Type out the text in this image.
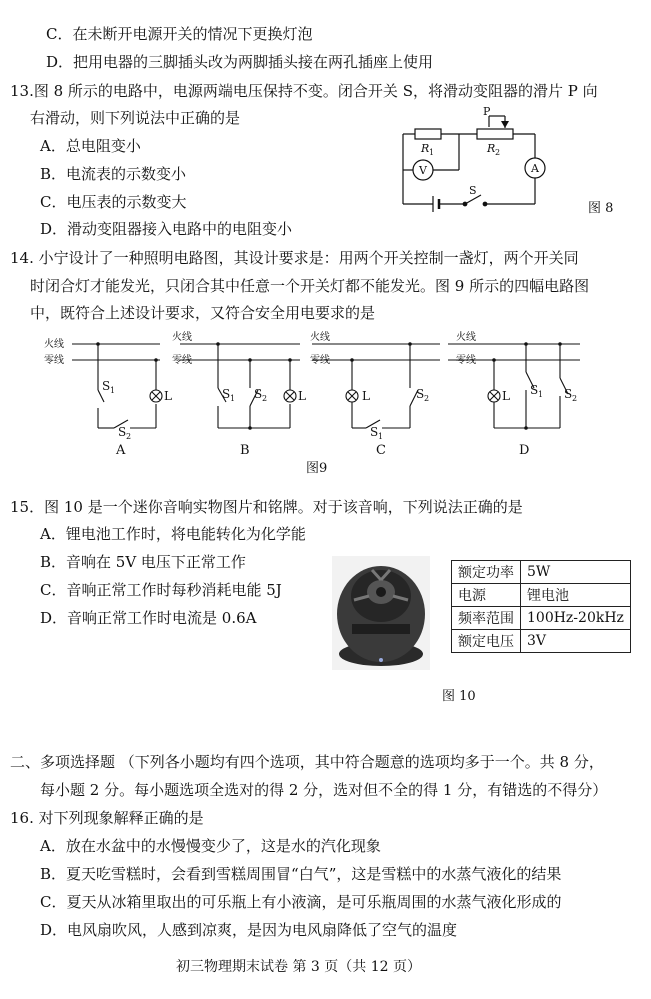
C．在未断开电源开关的情况下更换灯泡
D．把用电器的三脚插头改为两脚插头接在两孔插座上使用
13.图 8 所示的电路中，电源两端电压保持不变。闭合开关 S，将滑动变阻器的滑片 P 向
右滑动，则下列说法中正确的是
A．总电阻变小
B．电流表的示数变小
C．电压表的示数变大
D．滑动变阻器接入电路中的电阻变小
P
R 1	R 2
V	A
S
图 8
14. 小宁设计了一种照明电路图，其设计要求是：用两个开关控制一盏灯，两个开关同
时闭合灯才能发光，只闭合其中任意一个开关灯都不能发光。图 9 所示的四幅电路图
中，既符合上述设计要求，又符合安全用电要求的是
火线
零线
火线
零线
火线
零线
火线
零线
S 1	L
S 2
S 1 S 2	L	L	S 2
S 1
L S 1 S 2
A	B	C	D
图9
15．图 10 是一个迷你音响实物图片和铭牌。对于该音响，下列说法正确的是
A．锂电池工作时，将电能转化为化学能
B．音响在 5V 电压下正常工作
C．音响正常工作时每秒消耗电能 5J
D．音响正常工作时电流是 0.6A
额定功率	5W
电源	锂电池
频率范围	100Hz-20kHz
额定电压	3V
图 10
二、多项选择题 （下列各小题均有四个选项，其中符合题意的选项均多于一个。共 8 分，
每小题 2 分。每小题选项全选对的得 2 分，选对但不全的得 1 分，有错选的不得分）
16. 对下列现象解释正确的是
A．放在水盆中的水慢慢变少了，这是水的汽化现象
B．夏天吃雪糕时，会看到雪糕周围冒“白气”，这是雪糕中的水蒸气液化的结果
C．夏天从冰箱里取出的可乐瓶上有小液滴，是可乐瓶周围的水蒸气液化形成的
D．电风扇吹风，人感到凉爽，是因为电风扇降低了空气的温度
初三物理期末试卷 第 3 页（共 12 页）
